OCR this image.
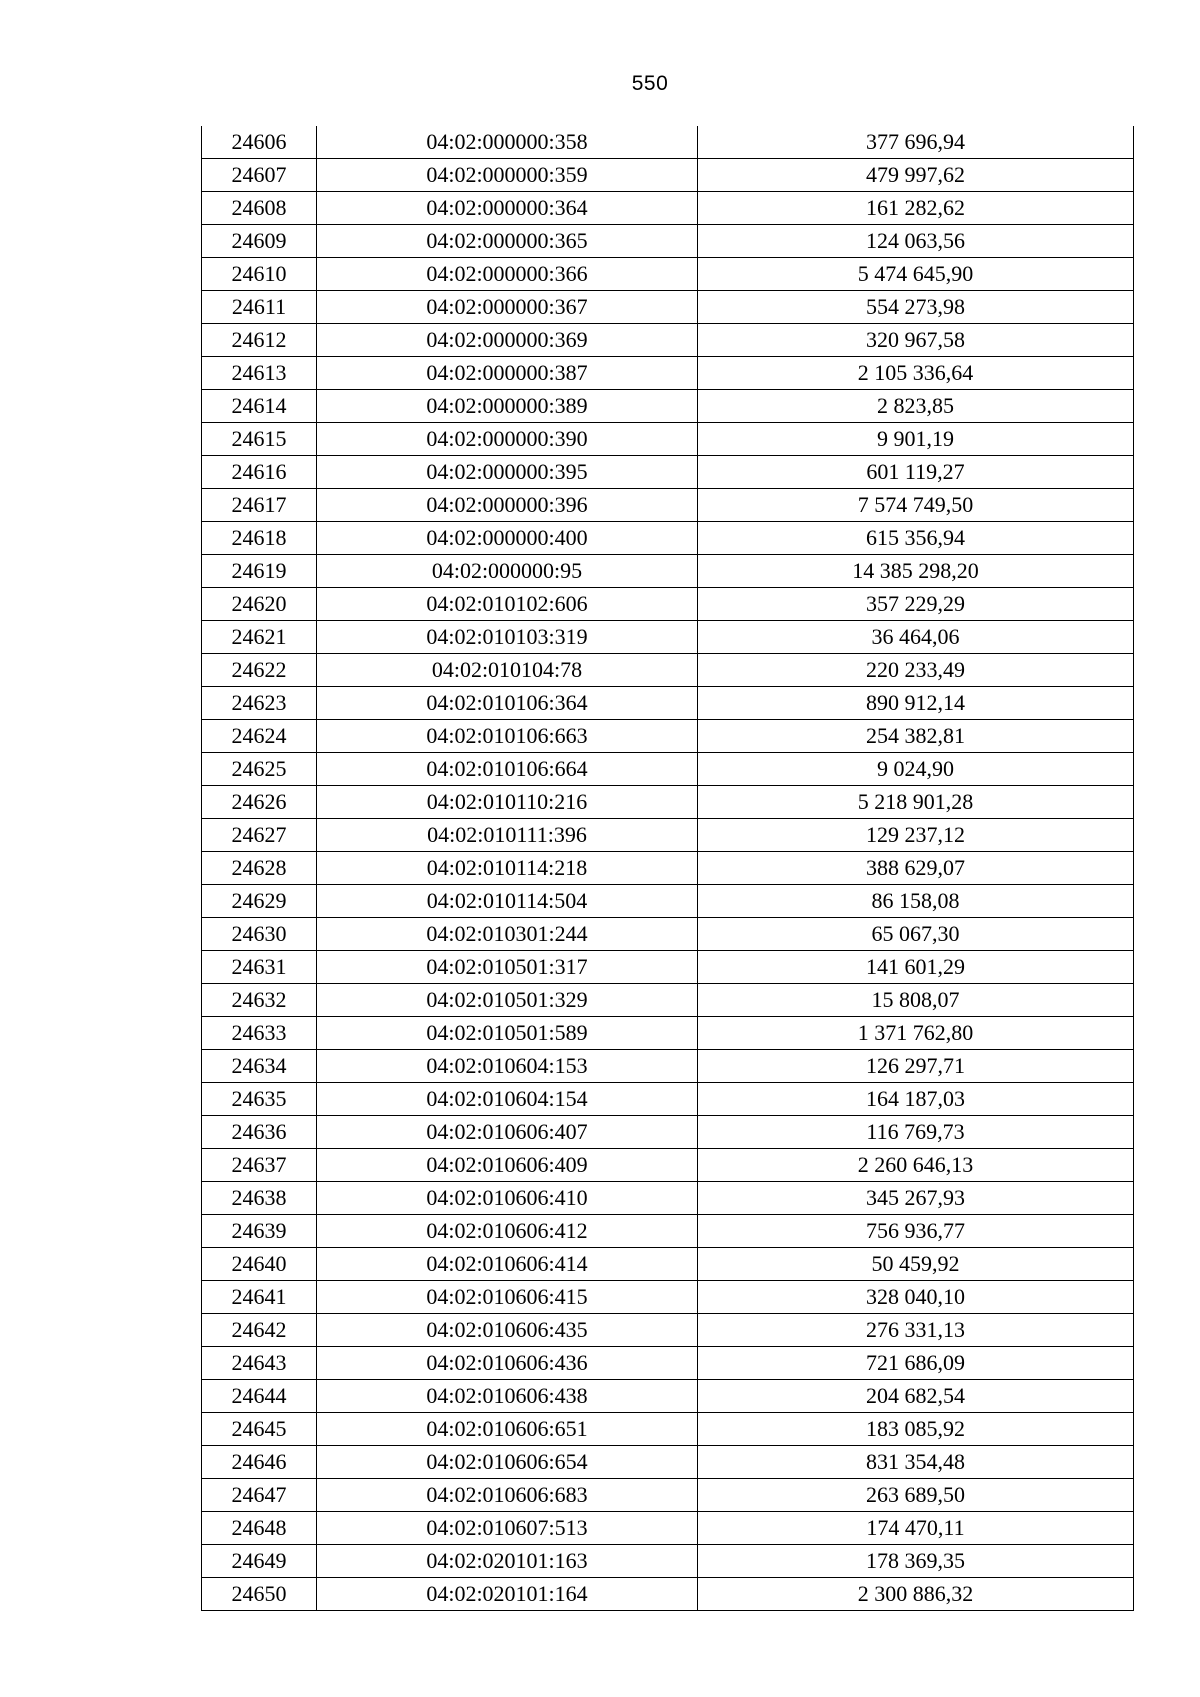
550
24606	04:02:000000:358	377 696,94
24607	04:02:000000:359	479 997,62
24608	04:02:000000:364	161 282,62
24609	04:02:000000:365	124 063,56
24610	04:02:000000:366	5 474 645,90
24611	04:02:000000:367	554 273,98
24612	04:02:000000:369	320 967,58
24613	04:02:000000:387	2 105 336,64
24614	04:02:000000:389	2 823,85
24615	04:02:000000:390	9 901,19
24616	04:02:000000:395	601 119,27
24617	04:02:000000:396	7 574 749,50
24618	04:02:000000:400	615 356,94
24619	04:02:000000:95	14 385 298,20
24620	04:02:010102:606	357 229,29
24621	04:02:010103:319	36 464,06
24622	04:02:010104:78	220 233,49
24623	04:02:010106:364	890 912,14
24624	04:02:010106:663	254 382,81
24625	04:02:010106:664	9 024,90
24626	04:02:010110:216	5 218 901,28
24627	04:02:010111:396	129 237,12
24628	04:02:010114:218	388 629,07
24629	04:02:010114:504	86 158,08
24630	04:02:010301:244	65 067,30
24631	04:02:010501:317	141 601,29
24632	04:02:010501:329	15 808,07
24633	04:02:010501:589	1 371 762,80
24634	04:02:010604:153	126 297,71
24635	04:02:010604:154	164 187,03
24636	04:02:010606:407	116 769,73
24637	04:02:010606:409	2 260 646,13
24638	04:02:010606:410	345 267,93
24639	04:02:010606:412	756 936,77
24640	04:02:010606:414	50 459,92
24641	04:02:010606:415	328 040,10
24642	04:02:010606:435	276 331,13
24643	04:02:010606:436	721 686,09
24644	04:02:010606:438	204 682,54
24645	04:02:010606:651	183 085,92
24646	04:02:010606:654	831 354,48
24647	04:02:010606:683	263 689,50
24648	04:02:010607:513	174 470,11
24649	04:02:020101:163	178 369,35
24650	04:02:020101:164	2 300 886,32
